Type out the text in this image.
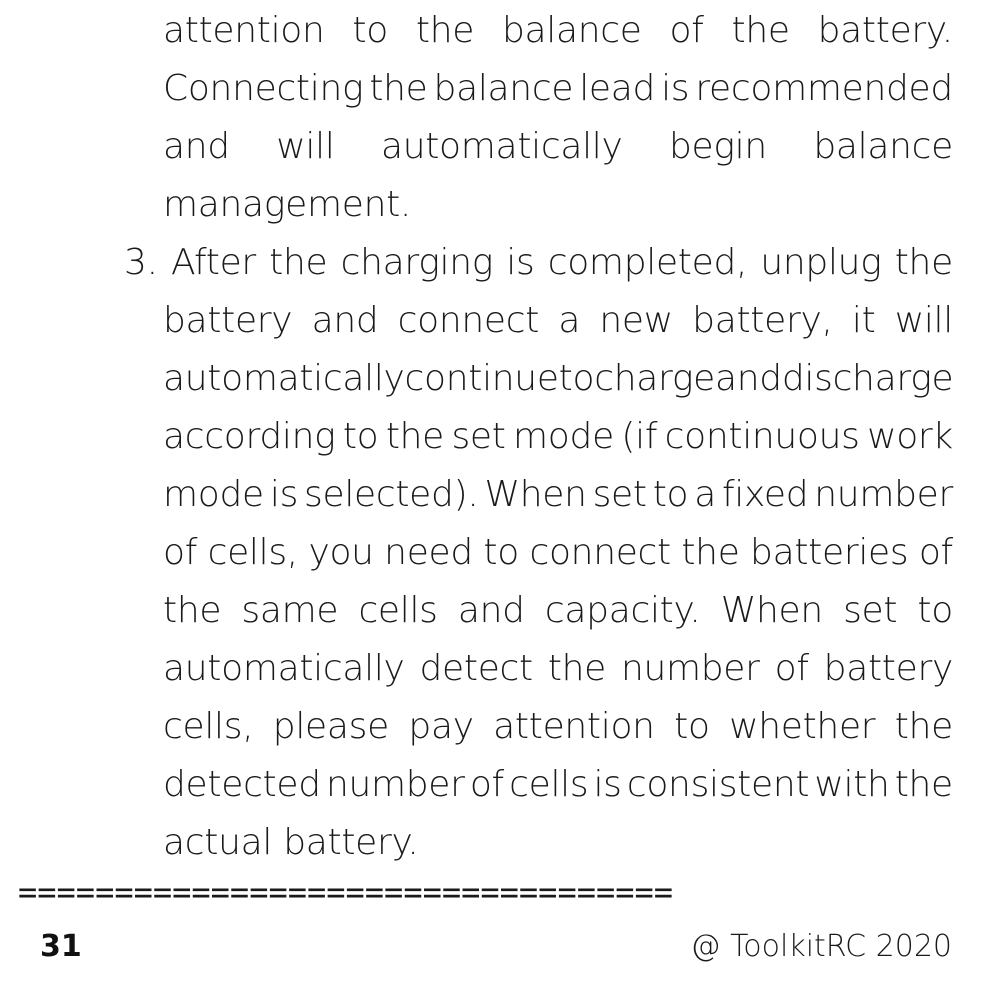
attention to the balance of the battery.
Connecting the balance lead is recommended
and will automatically begin balance
management.
3. After the charging is completed, unplug the
battery and connect a new battery, it will
automatically continue to charge and discharge
according to the set mode (if continuous work
mode is selected). When set to a fixed number
of cells, you need to connect the batteries of
the same cells and capacity. When set to
automatically detect the number of battery
cells, please pay attention to whether the
detected number of cells is consistent with the
actual battery.
==================================
31	@ ToolkitRC 2020
